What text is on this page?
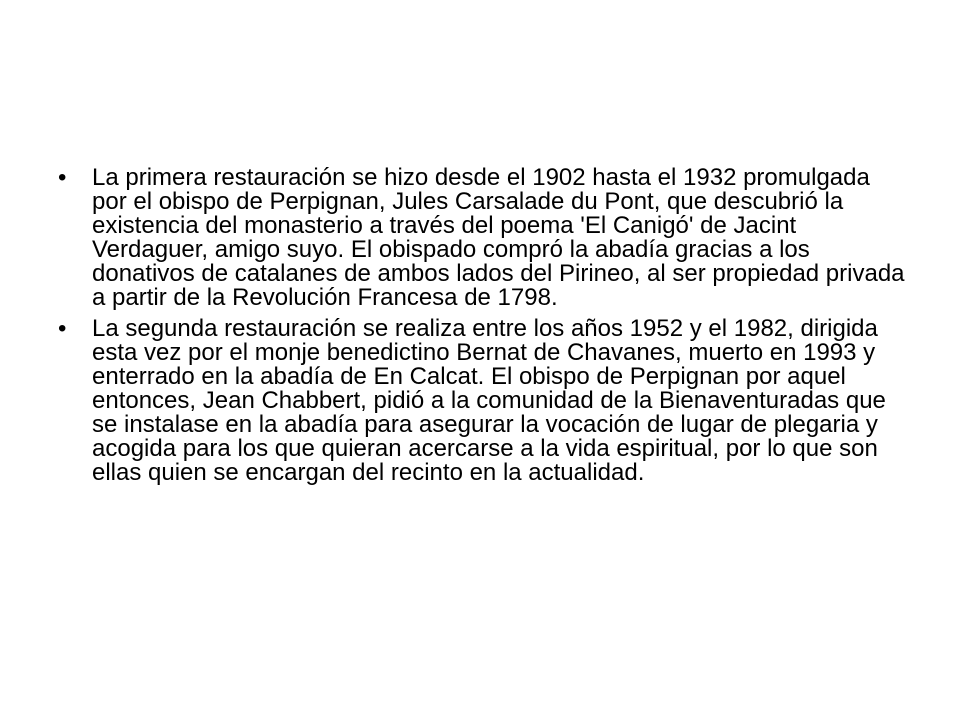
•	La primera restauración se hizo desde el 1902 hasta el 1932 promulgada por el obispo de Perpignan, Jules Carsalade du Pont, que descubrió la existencia del monasterio a través del poema 'El Canigó' de Jacint Verdaguer, amigo suyo. El obispado compró la abadía gracias a los donativos de catalanes de ambos lados del Pirineo, al ser propiedad privada a partir de la Revolución Francesa de 1798.
•	La segunda restauración se realiza entre los años 1952 y el 1982, dirigida esta vez por el monje benedictino Bernat de Chavanes, muerto en 1993 y enterrado en la abadía de En Calcat. El obispo de Perpignan por aquel entonces, Jean Chabbert, pidió a la comunidad de la Bienaventuradas que se instalase en la abadía para asegurar la vocación de lugar de plegaria y acogida para los que quieran acercarse a la vida espiritual, por lo que son ellas quien se encargan del recinto en la actualidad.
